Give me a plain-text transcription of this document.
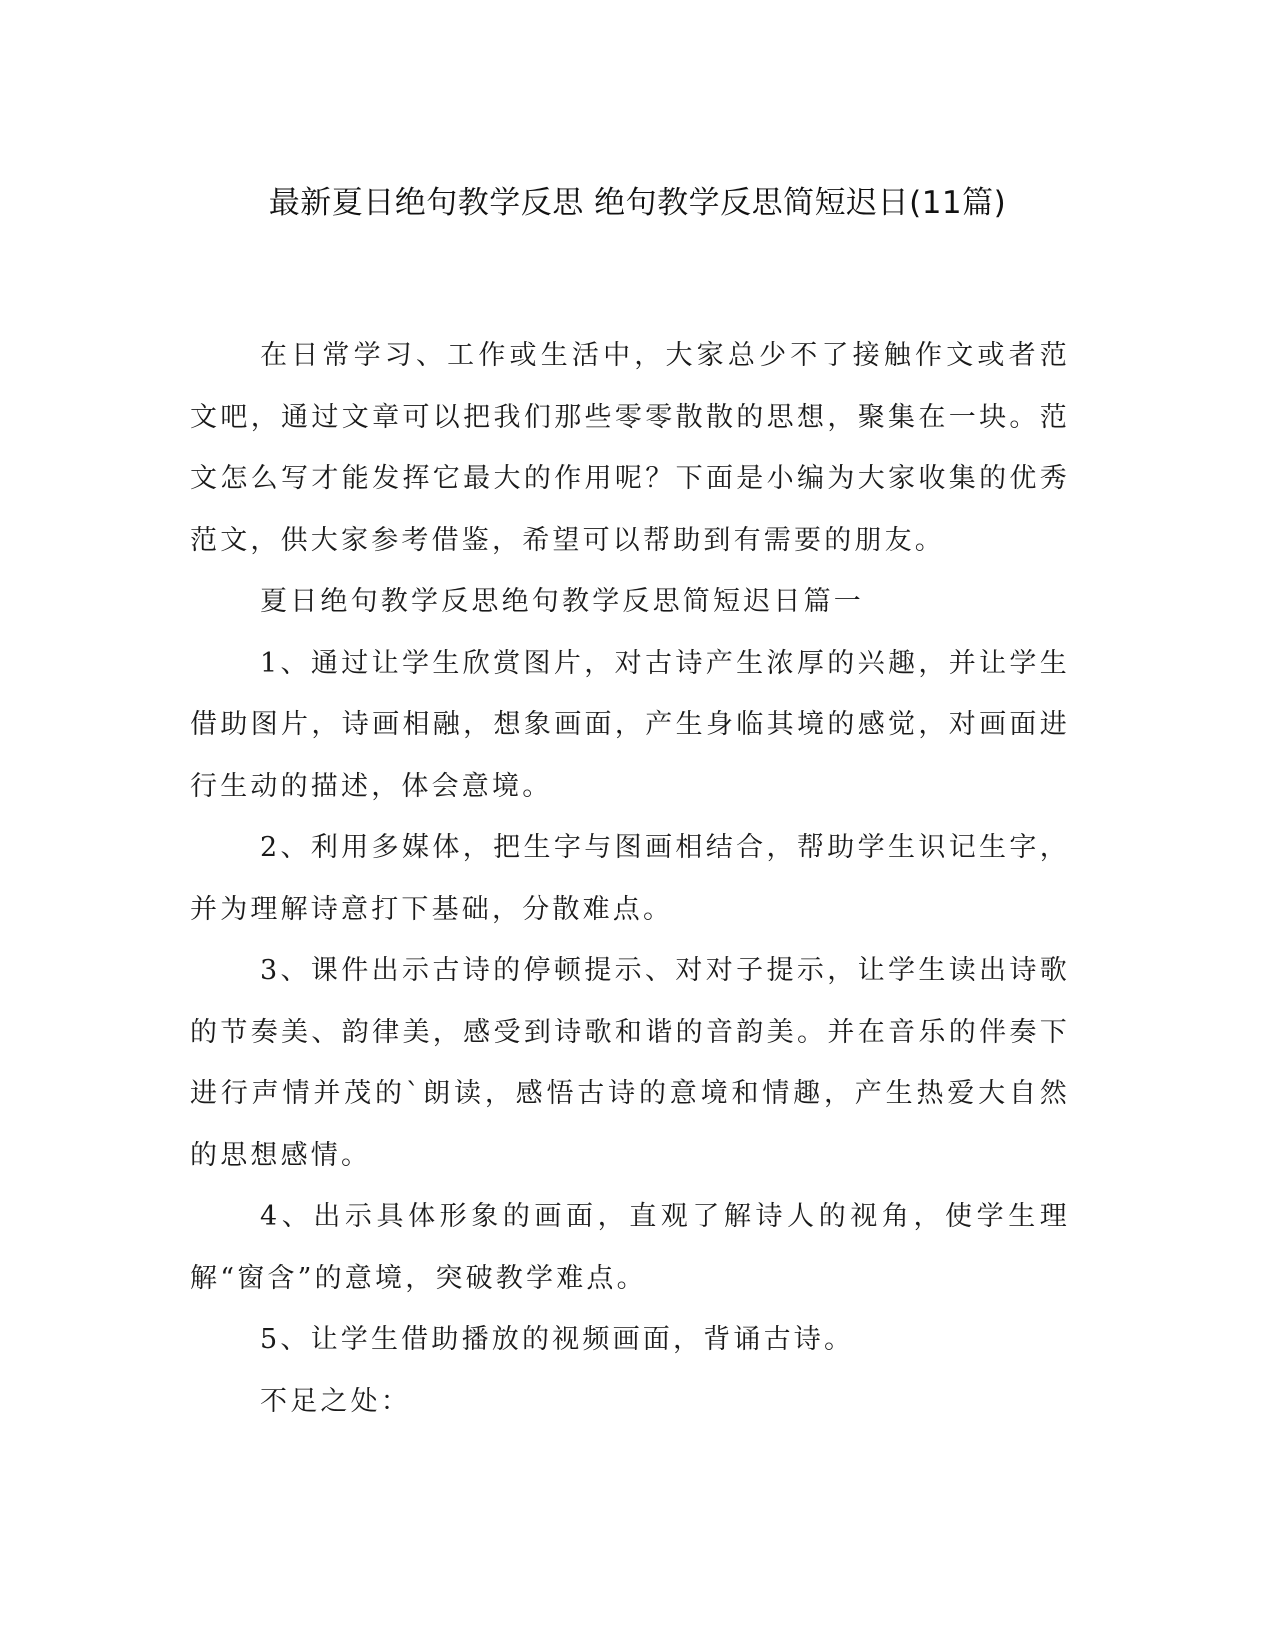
最新夏日绝句教学反思 绝句教学反思简短迟日(11篇)

在日常学习、工作或生活中，大家总少不了接触作文或者范文吧，通过文章可以把我们那些零零散散的思想，聚集在一块。范文怎么写才能发挥它最大的作用呢？下面是小编为大家收集的优秀范文，供大家参考借鉴，希望可以帮助到有需要的朋友。

夏日绝句教学反思绝句教学反思简短迟日篇一

1、通过让学生欣赏图片，对古诗产生浓厚的兴趣，并让学生借助图片，诗画相融，想象画面，产生身临其境的感觉，对画面进行生动的描述，体会意境。

2、利用多媒体，把生字与图画相结合，帮助学生识记生字，并为理解诗意打下基础，分散难点。

3、课件出示古诗的停顿提示、对对子提示，让学生读出诗歌的节奏美、韵律美，感受到诗歌和谐的音韵美。并在音乐的伴奏下进行声情并茂的`朗读，感悟古诗的意境和情趣，产生热爱大自然的思想感情。

4、出示具体形象的画面，直观了解诗人的视角，使学生理解“窗含”的意境，突破教学难点。

5、让学生借助播放的视频画面，背诵古诗。

不足之处：
